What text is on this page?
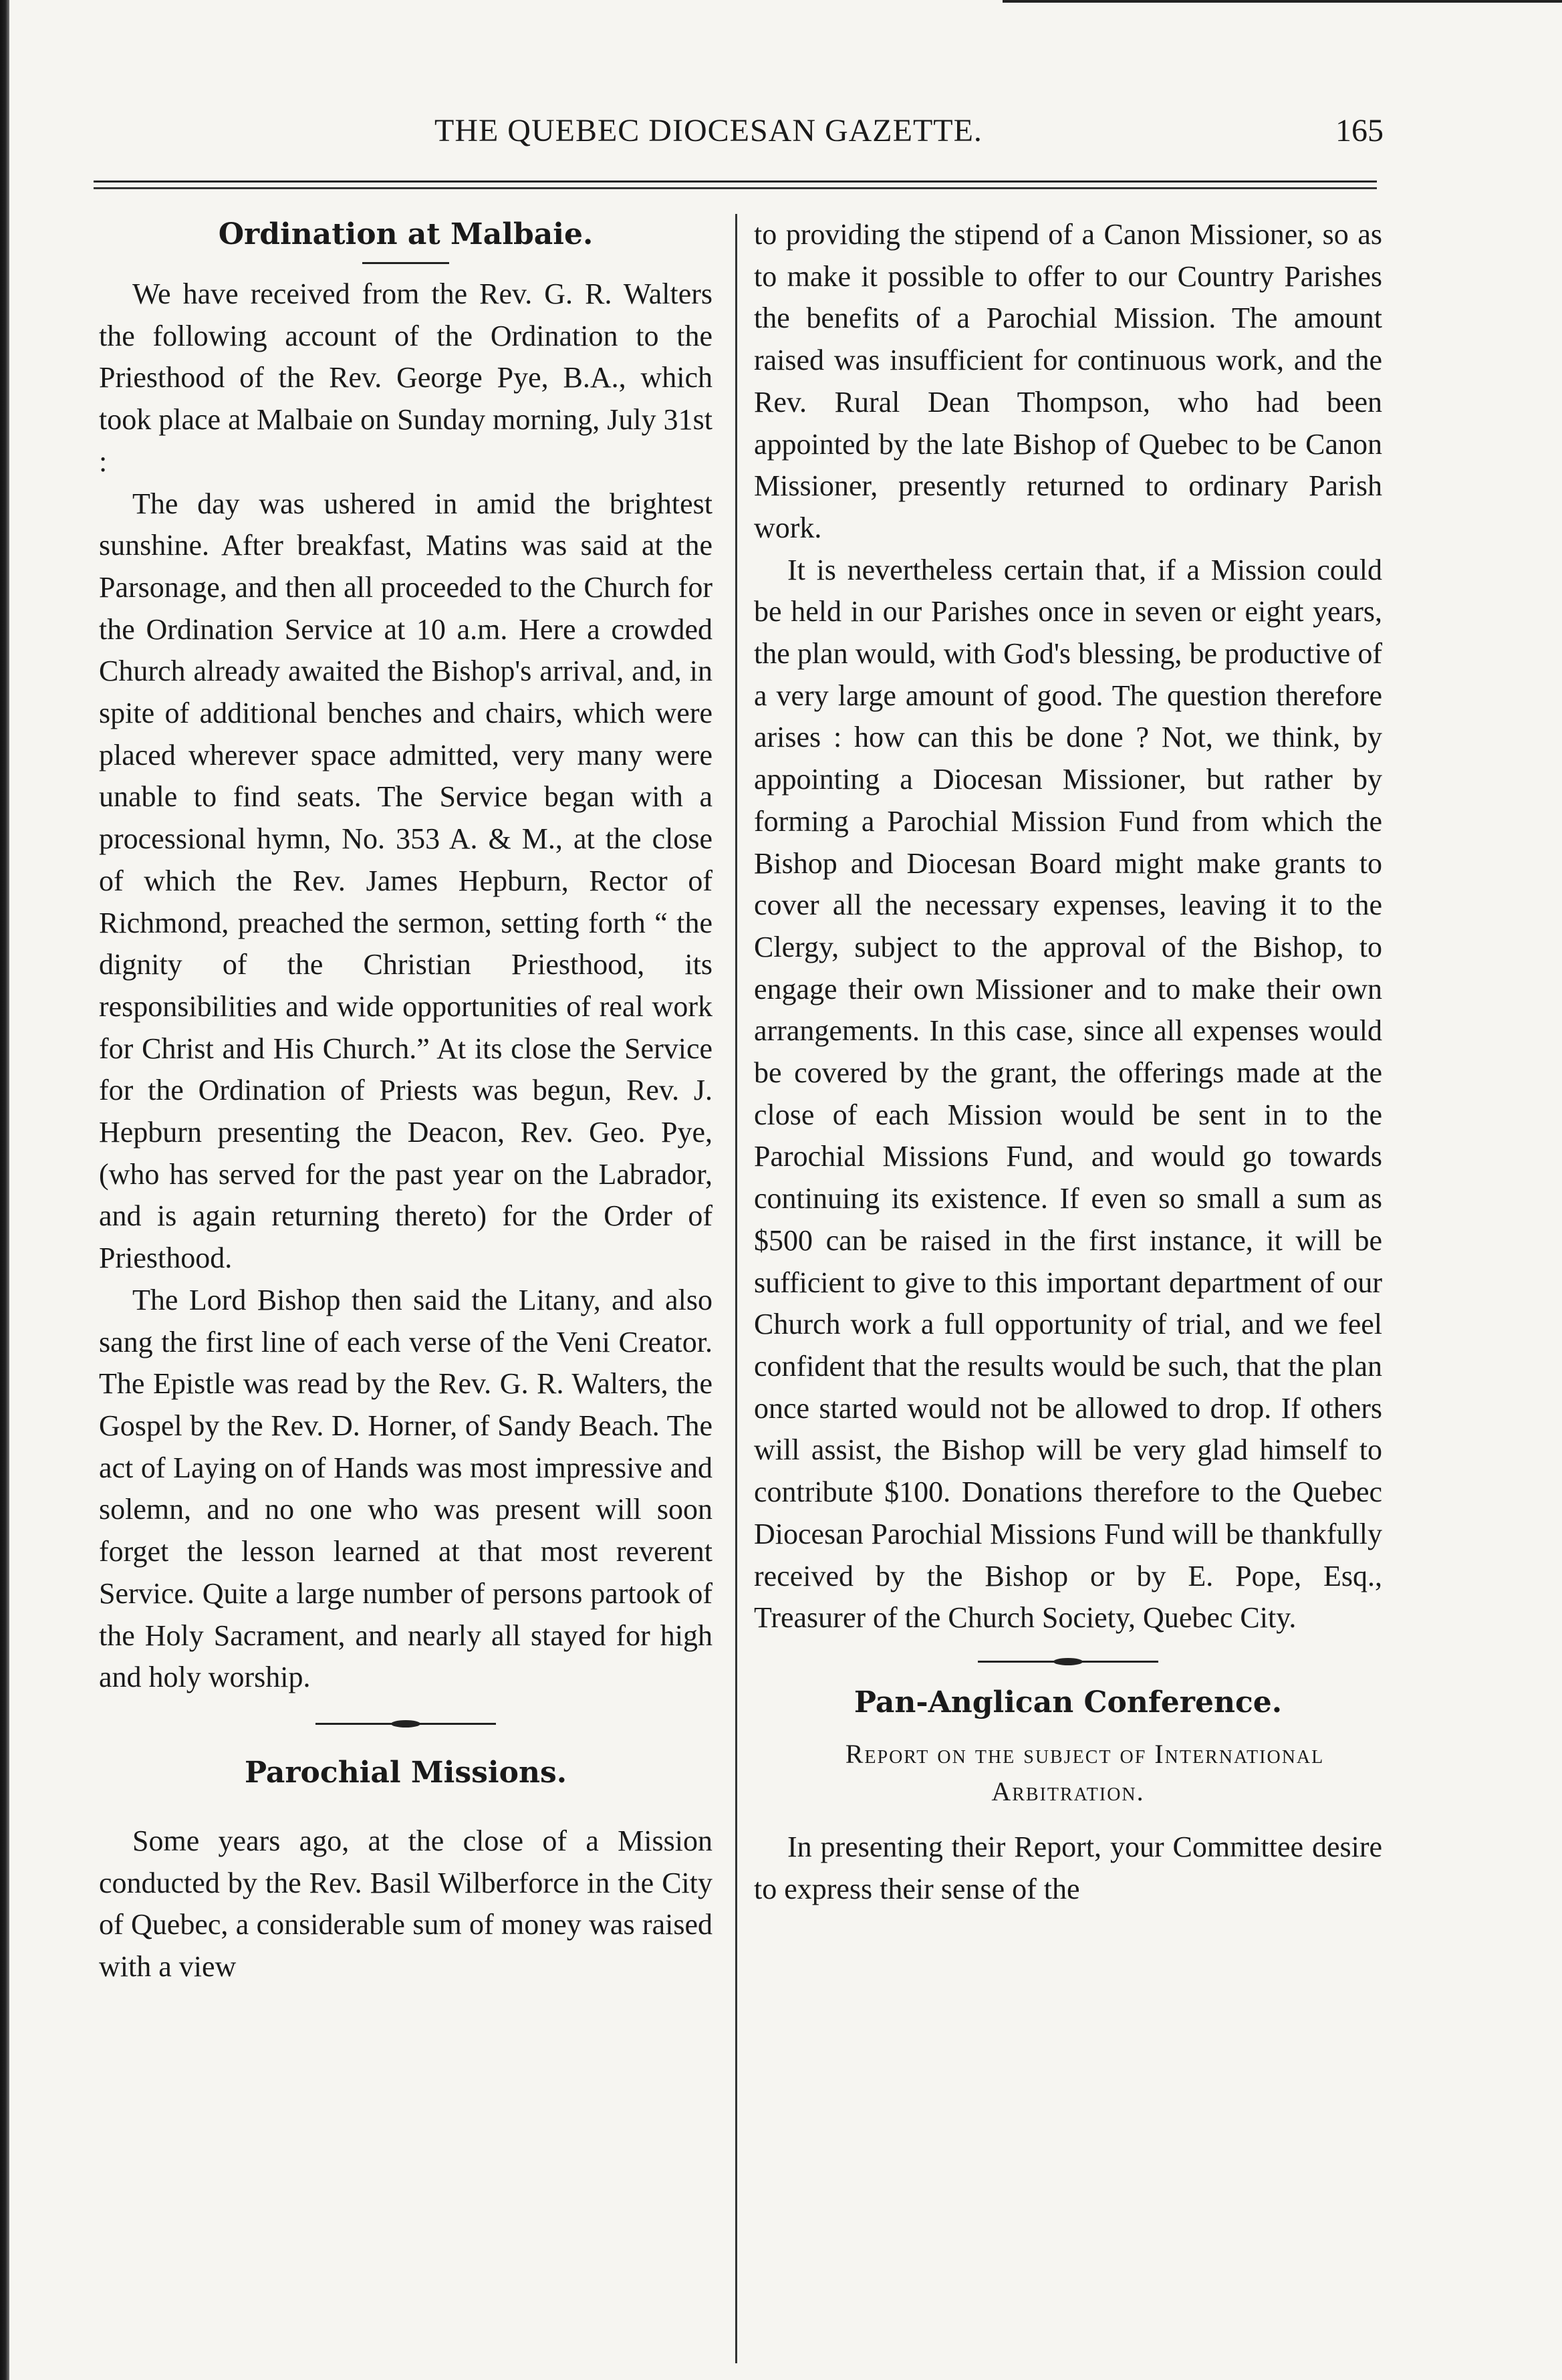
THE QUEBEC DIOCESAN GAZETTE.	165
Ordination at Malbaie.

We have received from the Rev. G. R. Walters the following account of the Ordination to the Priesthood of the Rev. George Pye, B.A., which took place at Malbaie on Sunday morning, July 31st :

The day was ushered in amid the brightest sunshine. After breakfast, Matins was said at the Parsonage, and then all proceeded to the Church for the Ordination Service at 10 a.m. Here a crowded Church already awaited the Bishop's arrival, and, in spite of additional benches and chairs, which were placed wherever space admitted, very many were unable to find seats. The Service began with a processional hymn, No. 353 A. & M., at the close of which the Rev. James Hepburn, Rector of Richmond, preached the sermon, setting forth “ the dignity of the Christian Priesthood, its responsibilities and wide opportunities of real work for Christ and His Church.” At its close the Service for the Ordination of Priests was begun, Rev. J. Hepburn presenting the Deacon, Rev. Geo. Pye, (who has served for the past year on the Labrador, and is again returning thereto) for the Order of Priesthood.

The Lord Bishop then said the Litany, and also sang the first line of each verse of the Veni Creator. The Epistle was read by the Rev. G. R. Walters, the Gospel by the Rev. D. Horner, of Sandy Beach. The act of Laying on of Hands was most impressive and solemn, and no one who was present will soon forget the lesson learned at that most reverent Service. Quite a large number of persons partook of the Holy Sacrament, and nearly all stayed for high and holy worship.

Parochial Missions.

Some years ago, at the close of a Mission conducted by the Rev. Basil Wilberforce in the City of Quebec, a considerable sum of money was raised with a view

to providing the stipend of a Canon Missioner, so as to make it possible to offer to our Country Parishes the benefits of a Parochial Mission. The amount raised was insufficient for continuous work, and the Rev. Rural Dean Thompson, who had been appointed by the late Bishop of Quebec to be Canon Missioner, presently returned to ordinary Parish work.

It is nevertheless certain that, if a Mission could be held in our Parishes once in seven or eight years, the plan would, with God's blessing, be productive of a very large amount of good. The question therefore arises : how can this be done ? Not, we think, by appointing a Diocesan Missioner, but rather by forming a Parochial Mission Fund from which the Bishop and Diocesan Board might make grants to cover all the necessary expenses, leaving it to the Clergy, subject to the approval of the Bishop, to engage their own Missioner and to make their own arrangements. In this case, since all expenses would be covered by the grant, the offerings made at the close of each Mission would be sent in to the Parochial Missions Fund, and would go towards continuing its existence. If even so small a sum as $500 can be raised in the first instance, it will be sufficient to give to this important department of our Church work a full opportunity of trial, and we feel confident that the results would be such, that the plan once started would not be allowed to drop. If others will assist, the Bishop will be very glad himself to contribute $100. Donations therefore to the Quebec Diocesan Parochial Missions Fund will be thankfully received by the Bishop or by E. Pope, Esq., Treasurer of the Church Society, Quebec City.

Pan-Anglican Conference.

Report on the subject of International Arbitration.

In presenting their Report, your Committee desire to express their sense of the
